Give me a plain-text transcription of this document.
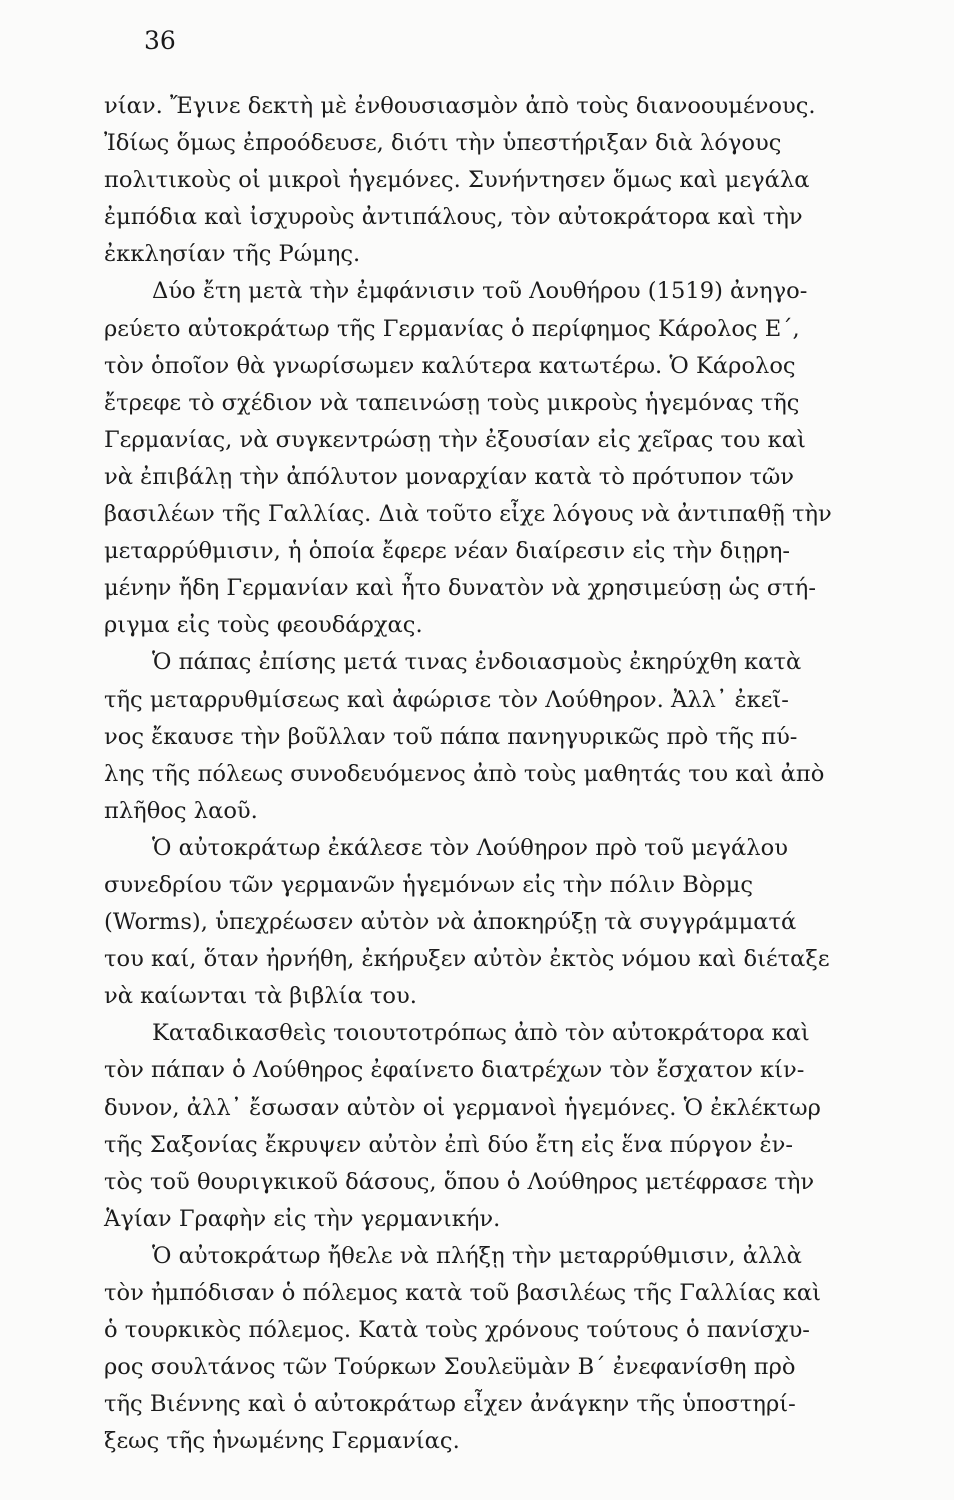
36

νίαν. Ἔγινε δεκτὴ μὲ ἐνθουσιασμὸν ἀπὸ τοὺς διανοουμένους.
Ἰδίως ὅμως ἐπροόδευσε, διότι τὴν ὑπεστήριξαν διὰ λόγους
πολιτικοὺς οἱ μικροὶ ἡγεμόνες. Συνήντησεν ὅμως καὶ μεγάλα
ἐμπόδια καὶ ἰσχυροὺς ἀντιπάλους, τὸν αὐτοκράτορα καὶ τὴν
ἐκκλησίαν τῆς Ρώμης.

Δύο ἔτη μετὰ τὴν ἐμφάνισιν τοῦ Λουθήρου (1519) ἀνηγο-
ρεύετο αὐτοκράτωρ τῆς Γερμανίας ὁ περίφημος Κάρολος Ε΄,
τὸν ὁποῖον θὰ γνωρίσωμεν καλύτερα κατωτέρω. Ὁ Κάρολος
ἔτρεφε τὸ σχέδιον νὰ ταπεινώσῃ τοὺς μικροὺς ἡγεμόνας τῆς
Γερμανίας, νὰ συγκεντρώσῃ τὴν ἐξουσίαν εἰς χεῖρας του καὶ
νὰ ἐπιβάλῃ τὴν ἀπόλυτον μοναρχίαν κατὰ τὸ πρότυπον τῶν
βασιλέων τῆς Γαλλίας. Διὰ τοῦτο εἶχε λόγους νὰ ἀντιπαθῇ τὴν
μεταρρύθμισιν, ἡ ὁποία ἔφερε νέαν διαίρεσιν εἰς τὴν διῃρη-
μένην ἤδη Γερμανίαν καὶ ἦτο δυνατὸν νὰ χρησιμεύσῃ ὡς στή-
ριγμα εἰς τοὺς φεουδάρχας.

Ὁ πάπας ἐπίσης μετά τινας ἐνδοιασμοὺς ἐκηρύχθη κατὰ
τῆς μεταρρυθμίσεως καὶ ἀφώρισε τὸν Λούθηρον. Ἀλλ᾽ ἐκεῖ-
νος ἔκαυσε τὴν βοῦλλαν τοῦ πάπα πανηγυρικῶς πρὸ τῆς πύ-
λης τῆς πόλεως συνοδευόμενος ἀπὸ τοὺς μαθητάς του καὶ ἀπὸ
πλῆθος λαοῦ.

Ὁ αὐτοκράτωρ ἐκάλεσε τὸν Λούθηρον πρὸ τοῦ μεγάλου
συνεδρίου τῶν γερμανῶν ἡγεμόνων εἰς τὴν πόλιν Βὸρμς
(Worms), ὑπεχρέωσεν αὐτὸν νὰ ἀποκηρύξῃ τὰ συγγράμματά
του καί, ὅταν ἠρνήθη, ἐκήρυξεν αὐτὸν ἐκτὸς νόμου καὶ διέταξε
νὰ καίωνται τὰ βιβλία του.

Καταδικασθεὶς τοιουτοτρόπως ἀπὸ τὸν αὐτοκράτορα καὶ
τὸν πάπαν ὁ Λούθηρος ἐφαίνετο διατρέχων τὸν ἔσχατον κίν-
δυνον, ἀλλ᾽ ἔσωσαν αὐτὸν οἱ γερμανοὶ ἡγεμόνες. Ὁ ἐκλέκτωρ
τῆς Σαξονίας ἔκρυψεν αὐτὸν ἐπὶ δύο ἔτη εἰς ἕνα πύργον ἐν-
τὸς τοῦ θουριγκικοῦ δάσους, ὅπου ὁ Λούθηρος μετέφρασε τὴν
Ἁγίαν Γραφὴν εἰς τὴν γερμανικήν.

Ὁ αὐτοκράτωρ ἤθελε νὰ πλήξῃ τὴν μεταρρύθμισιν, ἀλλὰ
τὸν ἠμπόδισαν ὁ πόλεμος κατὰ τοῦ βασιλέως τῆς Γαλλίας καὶ
ὁ τουρκικὸς πόλεμος. Κατὰ τοὺς χρόνους τούτους ὁ πανίσχυ-
ρος σουλτάνος τῶν Τούρκων Σουλεϋμὰν Β΄ ἐνεφανίσθη πρὸ
τῆς Βιέννης καὶ ὁ αὐτοκράτωρ εἶχεν ἀνάγκην τῆς ὑποστηρί-
ξεως τῆς ἡνωμένης Γερμανίας.
